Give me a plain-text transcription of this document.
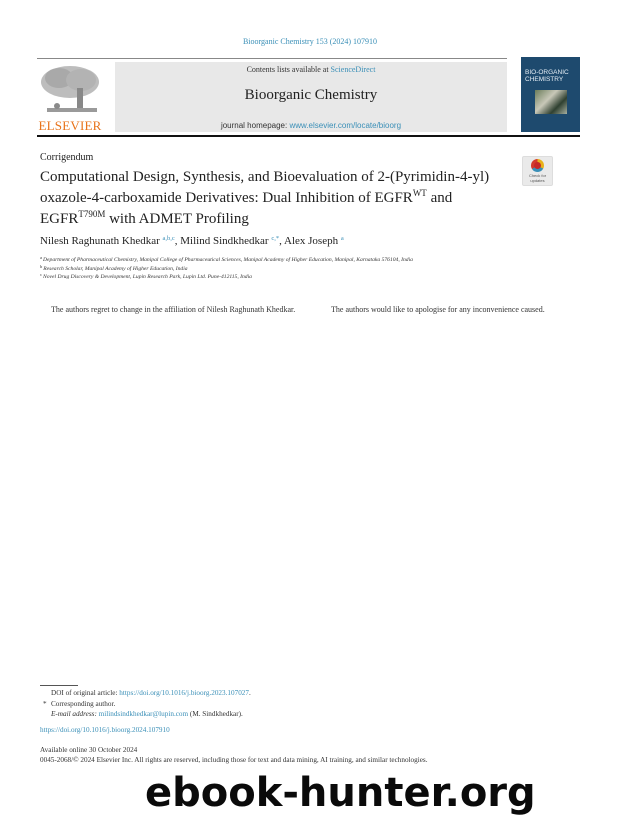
Bioorganic Chemistry 153 (2024) 107910
ELSEVIER
Contents lists available at ScienceDirect
Bioorganic Chemistry
journal homepage: www.elsevier.com/locate/bioorg
BIO-ORGANIC
CHEMISTRY
Corrigendum
Check for updates
Computational Design, Synthesis, and Bioevaluation of 2-(Pyrimidin-4-yl) oxazole-4-carboxamide Derivatives: Dual Inhibition of $EGFR^{WT}$ and $EGFR^{T790M}$ with ADMET Profiling
Nilesh Raghunath Khedkar $^{a,b,c}$, Milind Sindkhedkar $^{c,*}$, Alex Joseph $^a$
$^a$Department of Pharmaceutical Chemistry, Manipal College of Pharmaceutical Sciences, Manipal Academy of Higher Education, Manipal, Karnataka 576104, India
$^b$Research Scholar, Manipal Academy of Higher Education, India
$^c$Novel Drug Discovery & Development, Lupin Research Park, Lupin Ltd. Pune-412115, India
The authors regret to change in the affiliation of Nilesh Raghunath Khedkar.	The authors would like to apologise for any inconvenience caused.
DOI of original article: https://doi.org/10.1016/j.bioorg.2023.107027.
* Corresponding author.
E-mail address: milindsindkhedkar@lupin.com (M. Sindkhedkar).
https://doi.org/10.1016/j.bioorg.2024.107910
Available online 30 October 2024
0045-2068/© 2024 Elsevier Inc. All rights are reserved, including those for text and data mining, AI training, and similar technologies.
ebook-hunter.org
